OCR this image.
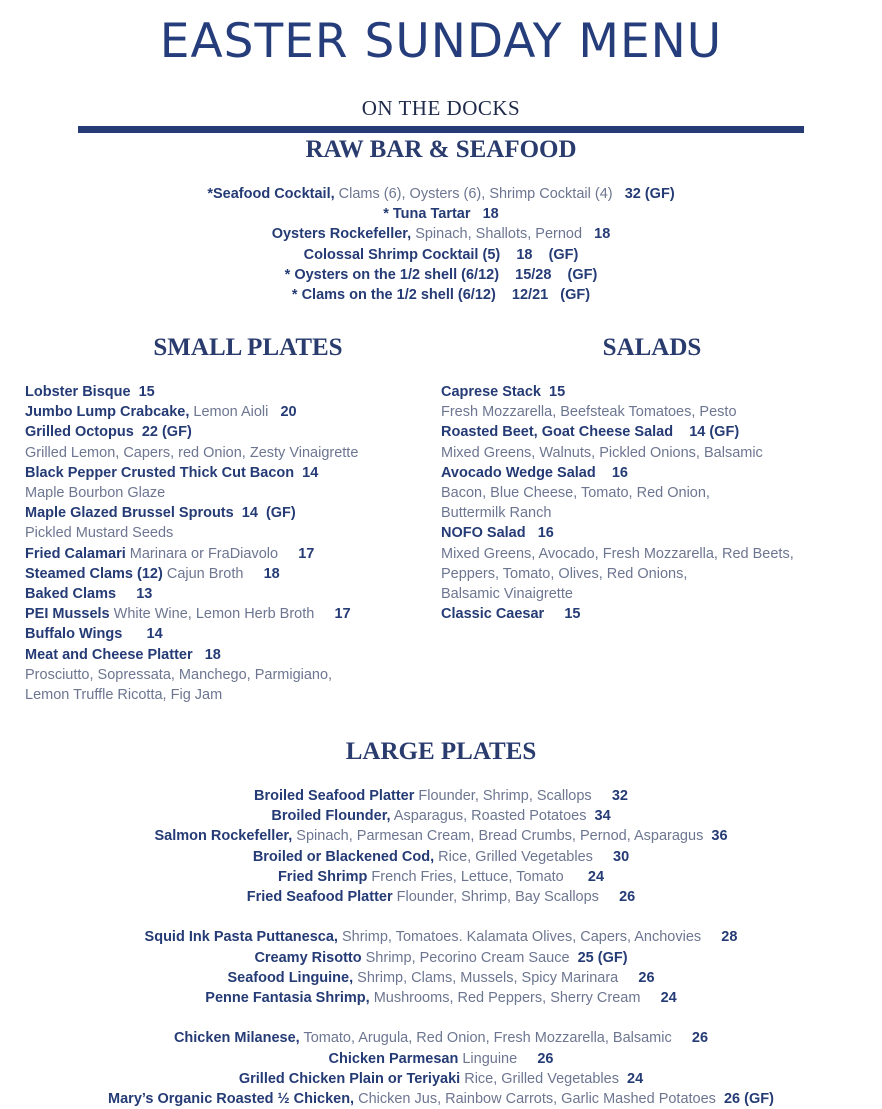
EASTER SUNDAY MENU
ON THE DOCKS
RAW BAR & SEAFOOD
*Seafood Cocktail, Clams (6), Oysters (6), Shrimp Cocktail (4)   32 (GF)
* Tuna Tartar   18
Oysters Rockefeller, Spinach, Shallots, Pernod   18
Colossal Shrimp Cocktail (5)    18    (GF)
* Oysters on the 1/2 shell (6/12)    15/28    (GF)
* Clams on the 1/2 shell (6/12)    12/21   (GF)
SMALL PLATES
Lobster Bisque  15
Jumbo Lump Crabcake, Lemon Aioli   20
Grilled Octopus  22 (GF)
Grilled Lemon, Capers, red Onion, Zesty Vinaigrette
Black Pepper Crusted Thick Cut Bacon  14
Maple Bourbon Glaze
Maple Glazed Brussel Sprouts  14  (GF)
Pickled Mustard Seeds
Fried Calamari Marinara or FraDiavolo     17
Steamed Clams (12) Cajun Broth     18
Baked Clams     13
PEI Mussels White Wine, Lemon Herb Broth     17
Buffalo Wings      14
Meat and Cheese Platter   18
Prosciutto, Sopressata, Manchego, Parmigiano,
Lemon Truffle Ricotta, Fig Jam
SALADS
Caprese Stack  15
Fresh Mozzarella, Beefsteak Tomatoes, Pesto
Roasted Beet, Goat Cheese Salad    14 (GF)
Mixed Greens, Walnuts, Pickled Onions, Balsamic
Avocado Wedge Salad    16
Bacon, Blue Cheese, Tomato, Red Onion,
Buttermilk Ranch
NOFO Salad   16
Mixed Greens, Avocado, Fresh Mozzarella, Red Beets,
Peppers, Tomato, Olives, Red Onions,
Balsamic Vinaigrette
Classic Caesar     15
LARGE PLATES
Broiled Seafood Platter Flounder, Shrimp, Scallops     32
Broiled Flounder, Asparagus, Roasted Potatoes  34
Salmon Rockefeller, Spinach, Parmesan Cream, Bread Crumbs, Pernod, Asparagus  36
Broiled or Blackened Cod, Rice, Grilled Vegetables     30
Fried Shrimp French Fries, Lettuce, Tomato      24
Fried Seafood Platter Flounder, Shrimp, Bay Scallops     26
Squid Ink Pasta Puttanesca, Shrimp, Tomatoes. Kalamata Olives, Capers, Anchovies     28
Creamy Risotto Shrimp, Pecorino Cream Sauce  25 (GF)
Seafood Linguine, Shrimp, Clams, Mussels, Spicy Marinara     26
Penne Fantasia Shrimp, Mushrooms, Red Peppers, Sherry Cream     24
Chicken Milanese, Tomato, Arugula, Red Onion, Fresh Mozzarella, Balsamic     26
Chicken Parmesan Linguine     26
Grilled Chicken Plain or Teriyaki Rice, Grilled Vegetables  24
Mary’s Organic Roasted ½ Chicken, Chicken Jus, Rainbow Carrots, Garlic Mashed Potatoes  26 (GF)
